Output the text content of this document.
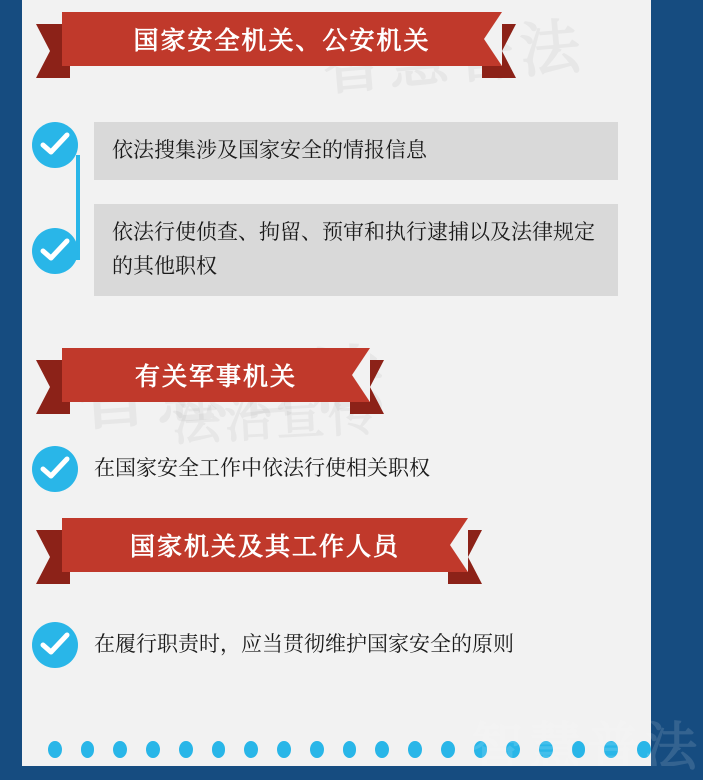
国家安全机关、公安机关
依法搜集涉及国家安全的情报信息
依法行使侦查、拘留、预审和执行逮捕以及法律规定的其他职权
有关军事机关
在国家安全工作中依法行使相关职权
国家机关及其工作人员
在履行职责时，应当贯彻维护国家安全的原则
